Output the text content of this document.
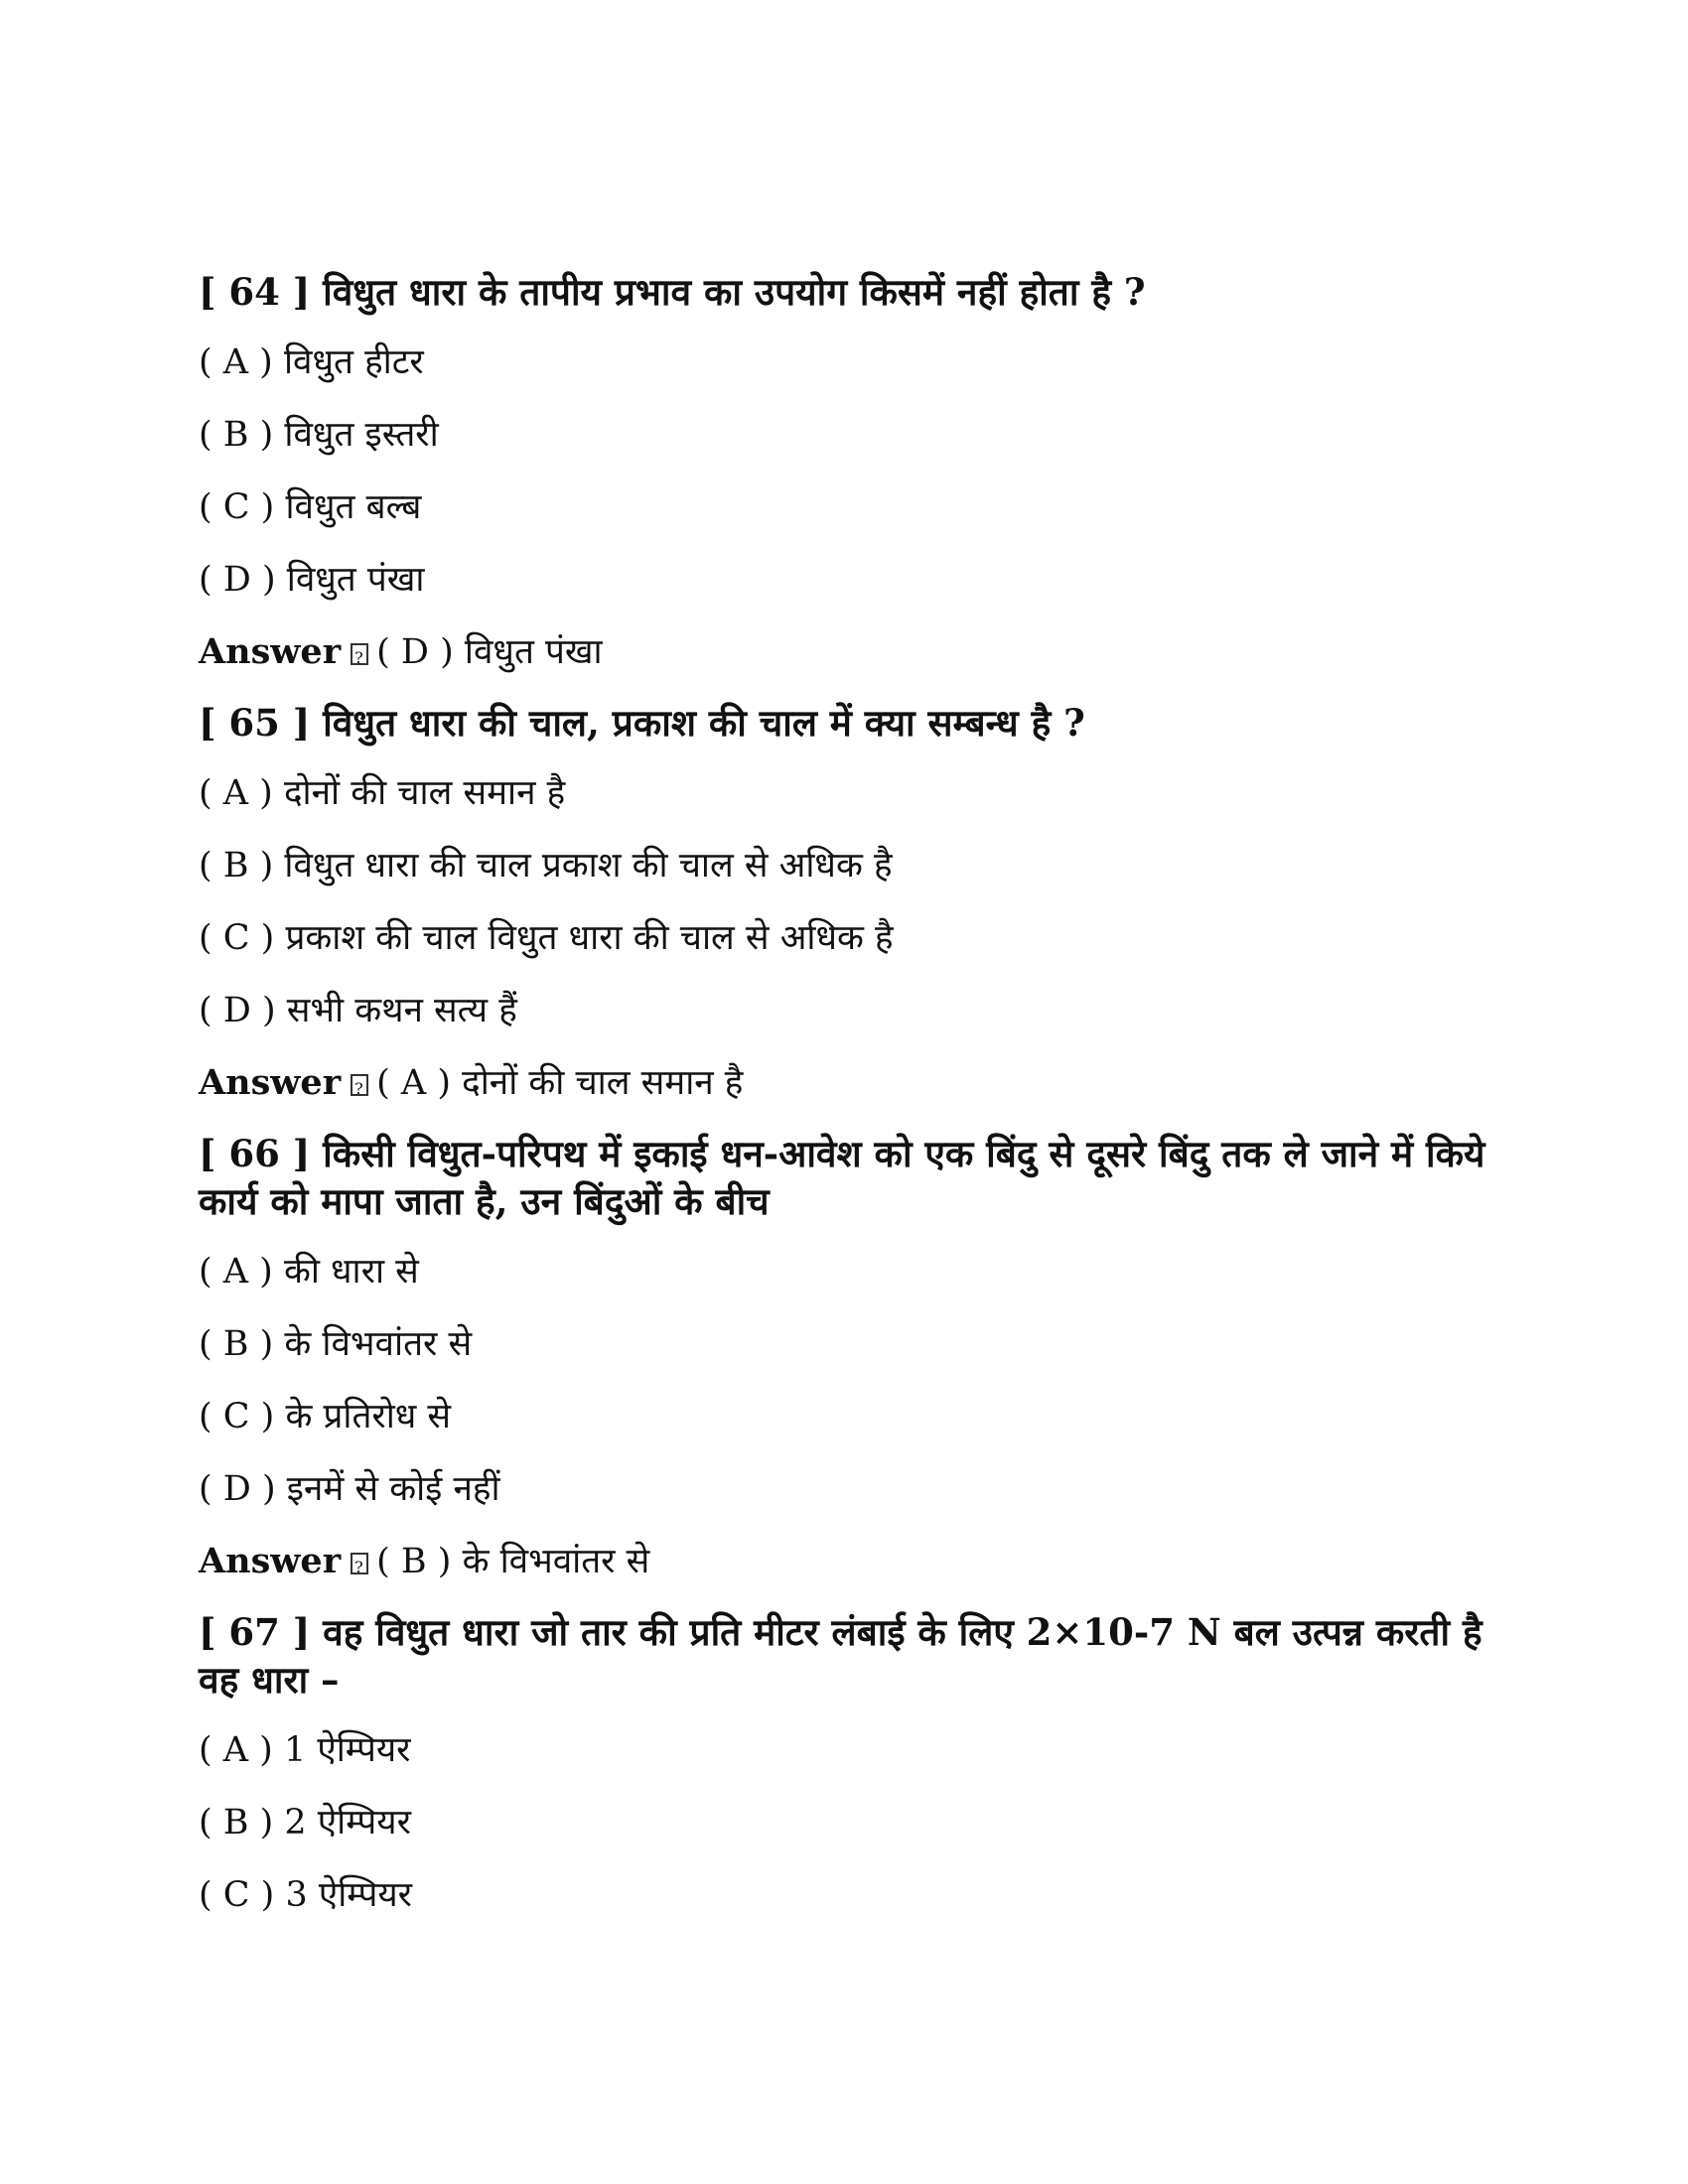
[ 64 ] विधुत धारा के तापीय प्रभाव का उपयोग किसमें नहीं होता है ?
( A ) विधुत हीटर
( B ) विधुत इस्तरी
( C ) विधुत बल्ब
( D ) विधुत पंखा
Answer ? ( D ) विधुत पंखा
[ 65 ] विधुत धारा की चाल, प्रकाश की चाल में क्या सम्बन्ध है ?
( A ) दोनों की चाल समान है
( B ) विधुत धारा की चाल प्रकाश की चाल से अधिक है
( C ) प्रकाश की चाल विधुत धारा की चाल से अधिक है
( D ) सभी कथन सत्य हैं
Answer ? ( A ) दोनों की चाल समान है
[ 66 ] किसी विधुत-परिपथ में इकाई धन-आवेश को एक बिंदु से दूसरे बिंदु तक ले जाने में किये कार्य को मापा जाता है, उन बिंदुओं के बीच
( A ) की धारा से
( B ) के विभवांतर से
( C ) के प्रतिरोध से
( D ) इनमें से कोई नहीं
Answer ? ( B ) के विभवांतर से
[ 67 ] वह विधुत धारा जो तार की प्रति मीटर लंबाई के लिए 2×10-7 N बल उत्पन्न करती है वह धारा –
( A ) 1 ऐम्पियर
( B ) 2 ऐम्पियर
( C ) 3 ऐम्पियर
